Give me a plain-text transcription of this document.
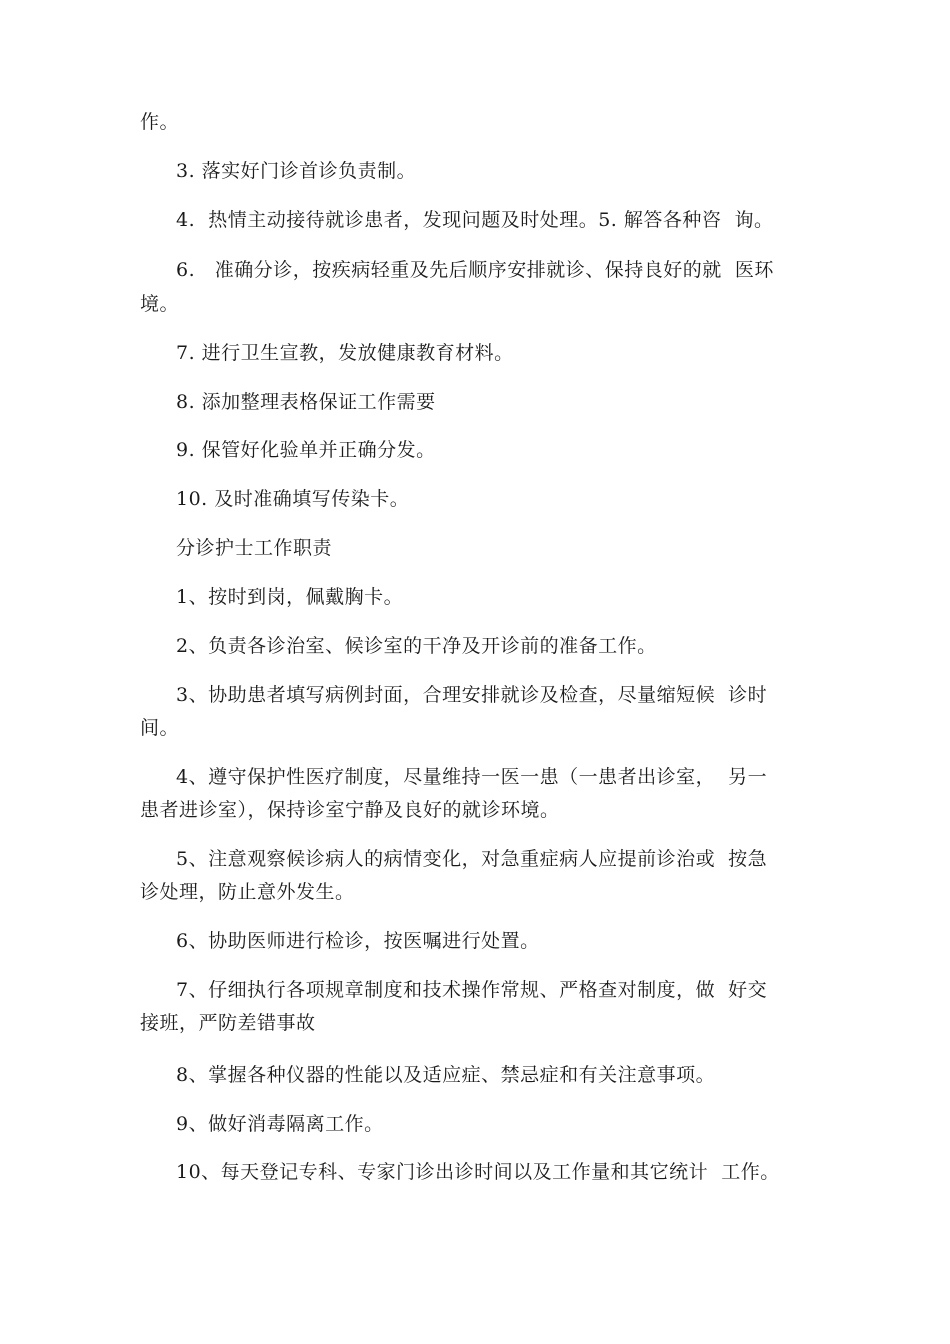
作。
3. 落实好门诊首诊负责制。
4.  热情主动接待就诊患者，发现问题及时处理。5. 解答各种咨  询。
6.   准确分诊，按疾病轻重及先后顺序安排就诊、保持良好的就  医环
境。
7. 进行卫生宣教，发放健康教育材料。
8. 添加整理表格保证工作需要
9. 保管好化验单并正确分发。
10. 及时准确填写传染卡。
分诊护士工作职责
1、按时到岗，佩戴胸卡。
2、负责各诊治室、候诊室的干净及开诊前的准备工作。
3、协助患者填写病例封面，合理安排就诊及检查，尽量缩短候  诊时
间。
4、遵守保护性医疗制度，尽量维持一医一患（一患者出诊室，  另一
患者进诊室），保持诊室宁静及良好的就诊环境。
5、注意观察候诊病人的病情变化，对急重症病人应提前诊治或  按急
诊处理，防止意外发生。
6、协助医师进行检诊，按医嘱进行处置。
7、仔细执行各项规章制度和技术操作常规、严格查对制度，做  好交
接班，严防差错事故
8、掌握各种仪器的性能以及适应症、禁忌症和有关注意事项。
9、做好消毒隔离工作。
10、每天登记专科、专家门诊出诊时间以及工作量和其它统计  工作。
